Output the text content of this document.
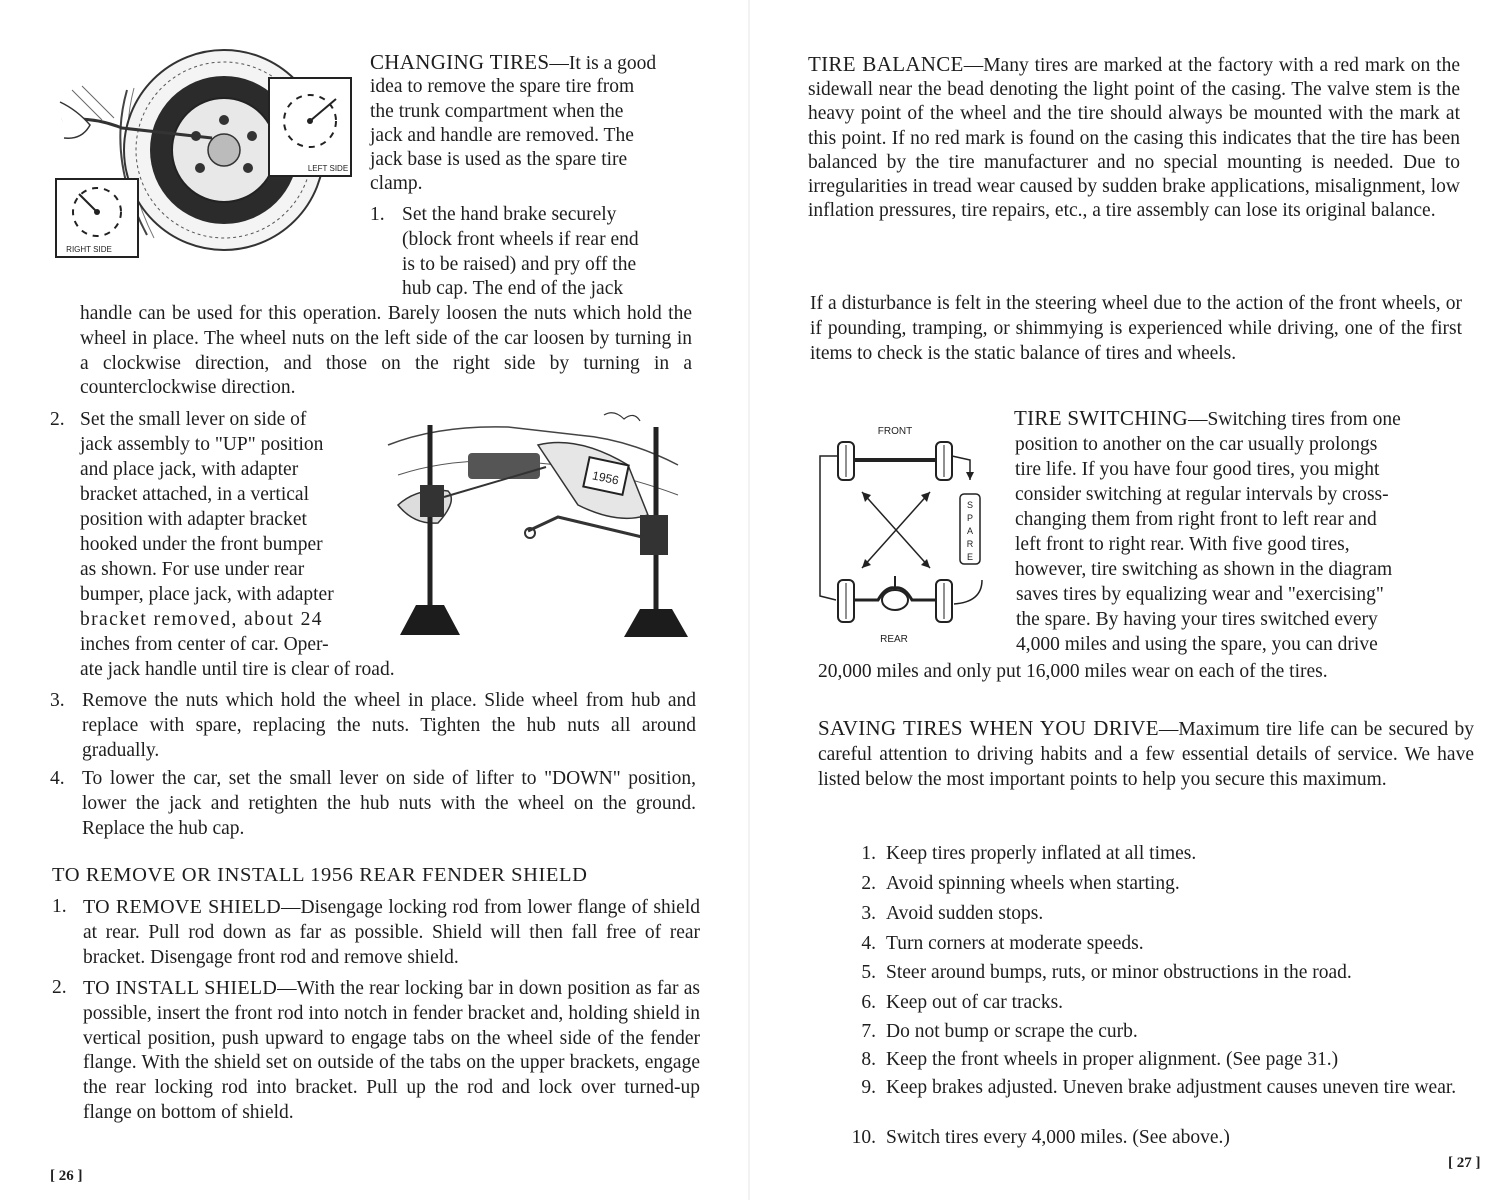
LEFT SIDE
RIGHT SIDE

CHANGING TIRES—It is a good

idea to remove the spare tire from

the trunk compartment when the

jack and handle are removed. The

jack base is used as the spare tire

clamp.

1. Set the hand brake securely

(block front wheels if rear end

is to be raised) and pry off the

hub cap. The end of the jack

handle can be used for this operation. Barely loosen the nuts which hold the wheel in place. The wheel nuts on the left side of the car loosen by turning in a clockwise direction, and those on the right side by turning in a counterclockwise direction.

1956

2. Set the small lever on side of

jack assembly to "UP" position

and place jack, with adapter

bracket attached, in a vertical

position with adapter bracket

hooked under the front bumper

as shown. For use under rear

bumper, place jack, with adapter

bracket removed, about 24

inches from center of car. Oper-

ate jack handle until tire is clear of road.

3. Remove the nuts which hold the wheel in place. Slide wheel from hub and replace with spare, replacing the nuts. Tighten the hub nuts all around gradually.
4. To lower the car, set the small lever on side of lifter to "DOWN" position, lower the jack and retighten the hub nuts with the wheel on the ground. Replace the hub cap.

TO REMOVE OR INSTALL 1956 REAR FENDER SHIELD

1. TO REMOVE SHIELD—Disengage locking rod from lower flange of shield at rear. Pull rod down as far as possible. Shield will then fall free of rear bracket. Disengage front rod and remove shield.
2. TO INSTALL SHIELD—With the rear locking bar in down position as far as possible, insert the front rod into notch in fender bracket and, holding shield in vertical position, push upward to engage tabs on the wheel side of the fender flange. With the shield set on outside of the tabs on the upper brackets, engage the rear locking rod into bracket. Pull up the rod and lock over turned-up flange on bottom of shield.
[ 26 ]

TIRE BALANCE—Many tires are marked at the factory with a red mark on the sidewall near the bead denoting the light point of the casing. The valve stem is the heavy point of the wheel and the tire should always be mounted with the mark at this point. If no red mark is found on the casing this indicates that the tire has been balanced by the tire manufacturer and no special mounting is needed. Due to irregularities in tread wear caused by sudden brake applications, misalignment, low inflation pressures, tire repairs, etc., a tire assembly can lose its original balance.

If a disturbance is felt in the steering wheel due to the action of the front wheels, or if pounding, tramping, or shimmying is experienced while driving, one of the first items to check is the static balance of tires and wheels.

FRONT
S
P
A
R
E
REAR

TIRE SWITCHING—Switching tires from one

position to another on the car usually prolongs

tire life. If you have four good tires, you might

consider switching at regular intervals by cross-

changing them from right front to left rear and

left front to right rear. With five good tires,

however, tire switching as shown in the diagram

saves tires by equalizing wear and "exercising"

the spare. By having your tires switched every

4,000 miles and using the spare, you can drive

20,000 miles and only put 16,000 miles wear on each of the tires.

SAVING TIRES WHEN YOU DRIVE—Maximum tire life can be secured by careful attention to driving habits and a few essential details of service. We have listed below the most important points to help you secure this maximum.

1. Keep tires properly inflated at all times.

2. Avoid spinning wheels when starting.

3. Avoid sudden stops.

4. Turn corners at moderate speeds.

5. Steer around bumps, ruts, or minor obstructions in the road.

6. Keep out of car tracks.

7. Do not bump or scrape the curb.

8. Keep the front wheels in proper alignment. (See page 31.)

9. Keep brakes adjusted. Uneven brake adjustment causes uneven tire wear.

10. Switch tires every 4,000 miles. (See above.)

[ 27 ]
